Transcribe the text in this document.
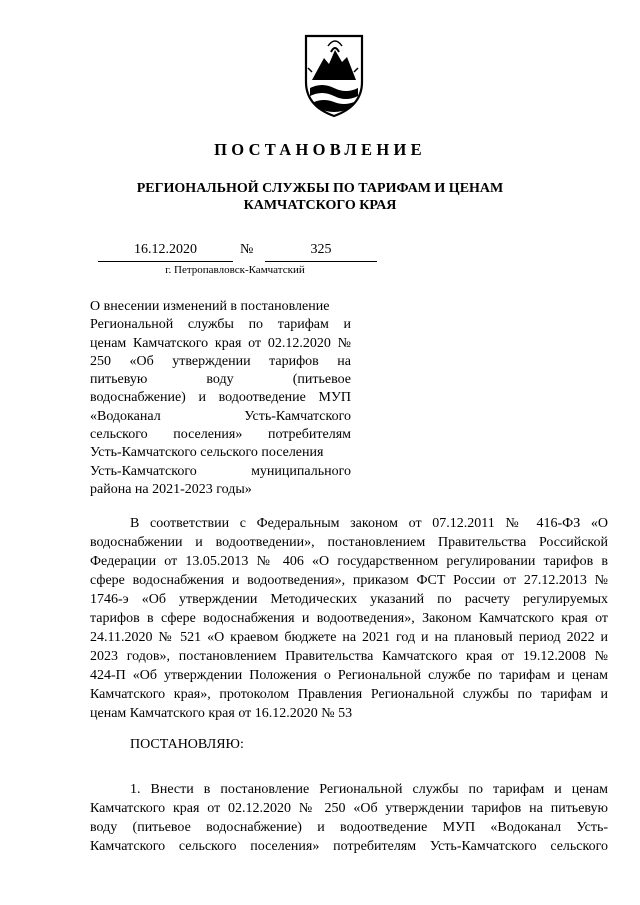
ПОСТАНОВЛЕНИЕ
РЕГИОНАЛЬНОЙ СЛУЖБЫ ПО ТАРИФАМ И ЦЕНАМ
КАМЧАТСКОГО КРАЯ
16.12.2020	№	325
г. Петропавловск-Камчатский
О внесении изменений в постановление
Региональной службы по тарифам и
ценам Камчатского края от 02.12.2020 №
250 «Об утверждении тарифов на
питьевую воду (питьевое
водоснабжение) и водоотведение МУП
«Водоканал Усть-Камчатского
сельского поселения» потребителям
Усть-Камчатского сельского поселения
Усть-Камчатского муниципального
района на 2021-2023 годы»
В соответствии с Федеральным законом от 07.12.2011 № 416-ФЗ «О
водоснабжении и водоотведении», постановлением Правительства Российской
Федерации от 13.05.2013 № 406 «О государственном регулировании тарифов в
сфере водоснабжения и водоотведения», приказом ФСТ России от 27.12.2013 №
1746-э «Об утверждении Методических указаний по расчету регулируемых
тарифов в сфере водоснабжения и водоотведения», Законом Камчатского края от
24.11.2020 № 521 «О краевом бюджете на 2021 год и на плановый период 2022 и
2023 годов», постановлением Правительства Камчатского края от 19.12.2008 №
424-П «Об утверждении Положения о Региональной службе по тарифам и ценам
Камчатского края», протоколом Правления Региональной службы по тарифам и
ценам Камчатского края от 16.12.2020 № 53
ПОСТАНОВЛЯЮ:
1. Внести в постановление Региональной службы по тарифам и ценам
Камчатского края от 02.12.2020 № 250 «Об утверждении тарифов на питьевую
воду (питьевое водоснабжение) и водоотведение МУП «Водоканал Усть-
Камчатского сельского поселения» потребителям Усть-Камчатского сельского
